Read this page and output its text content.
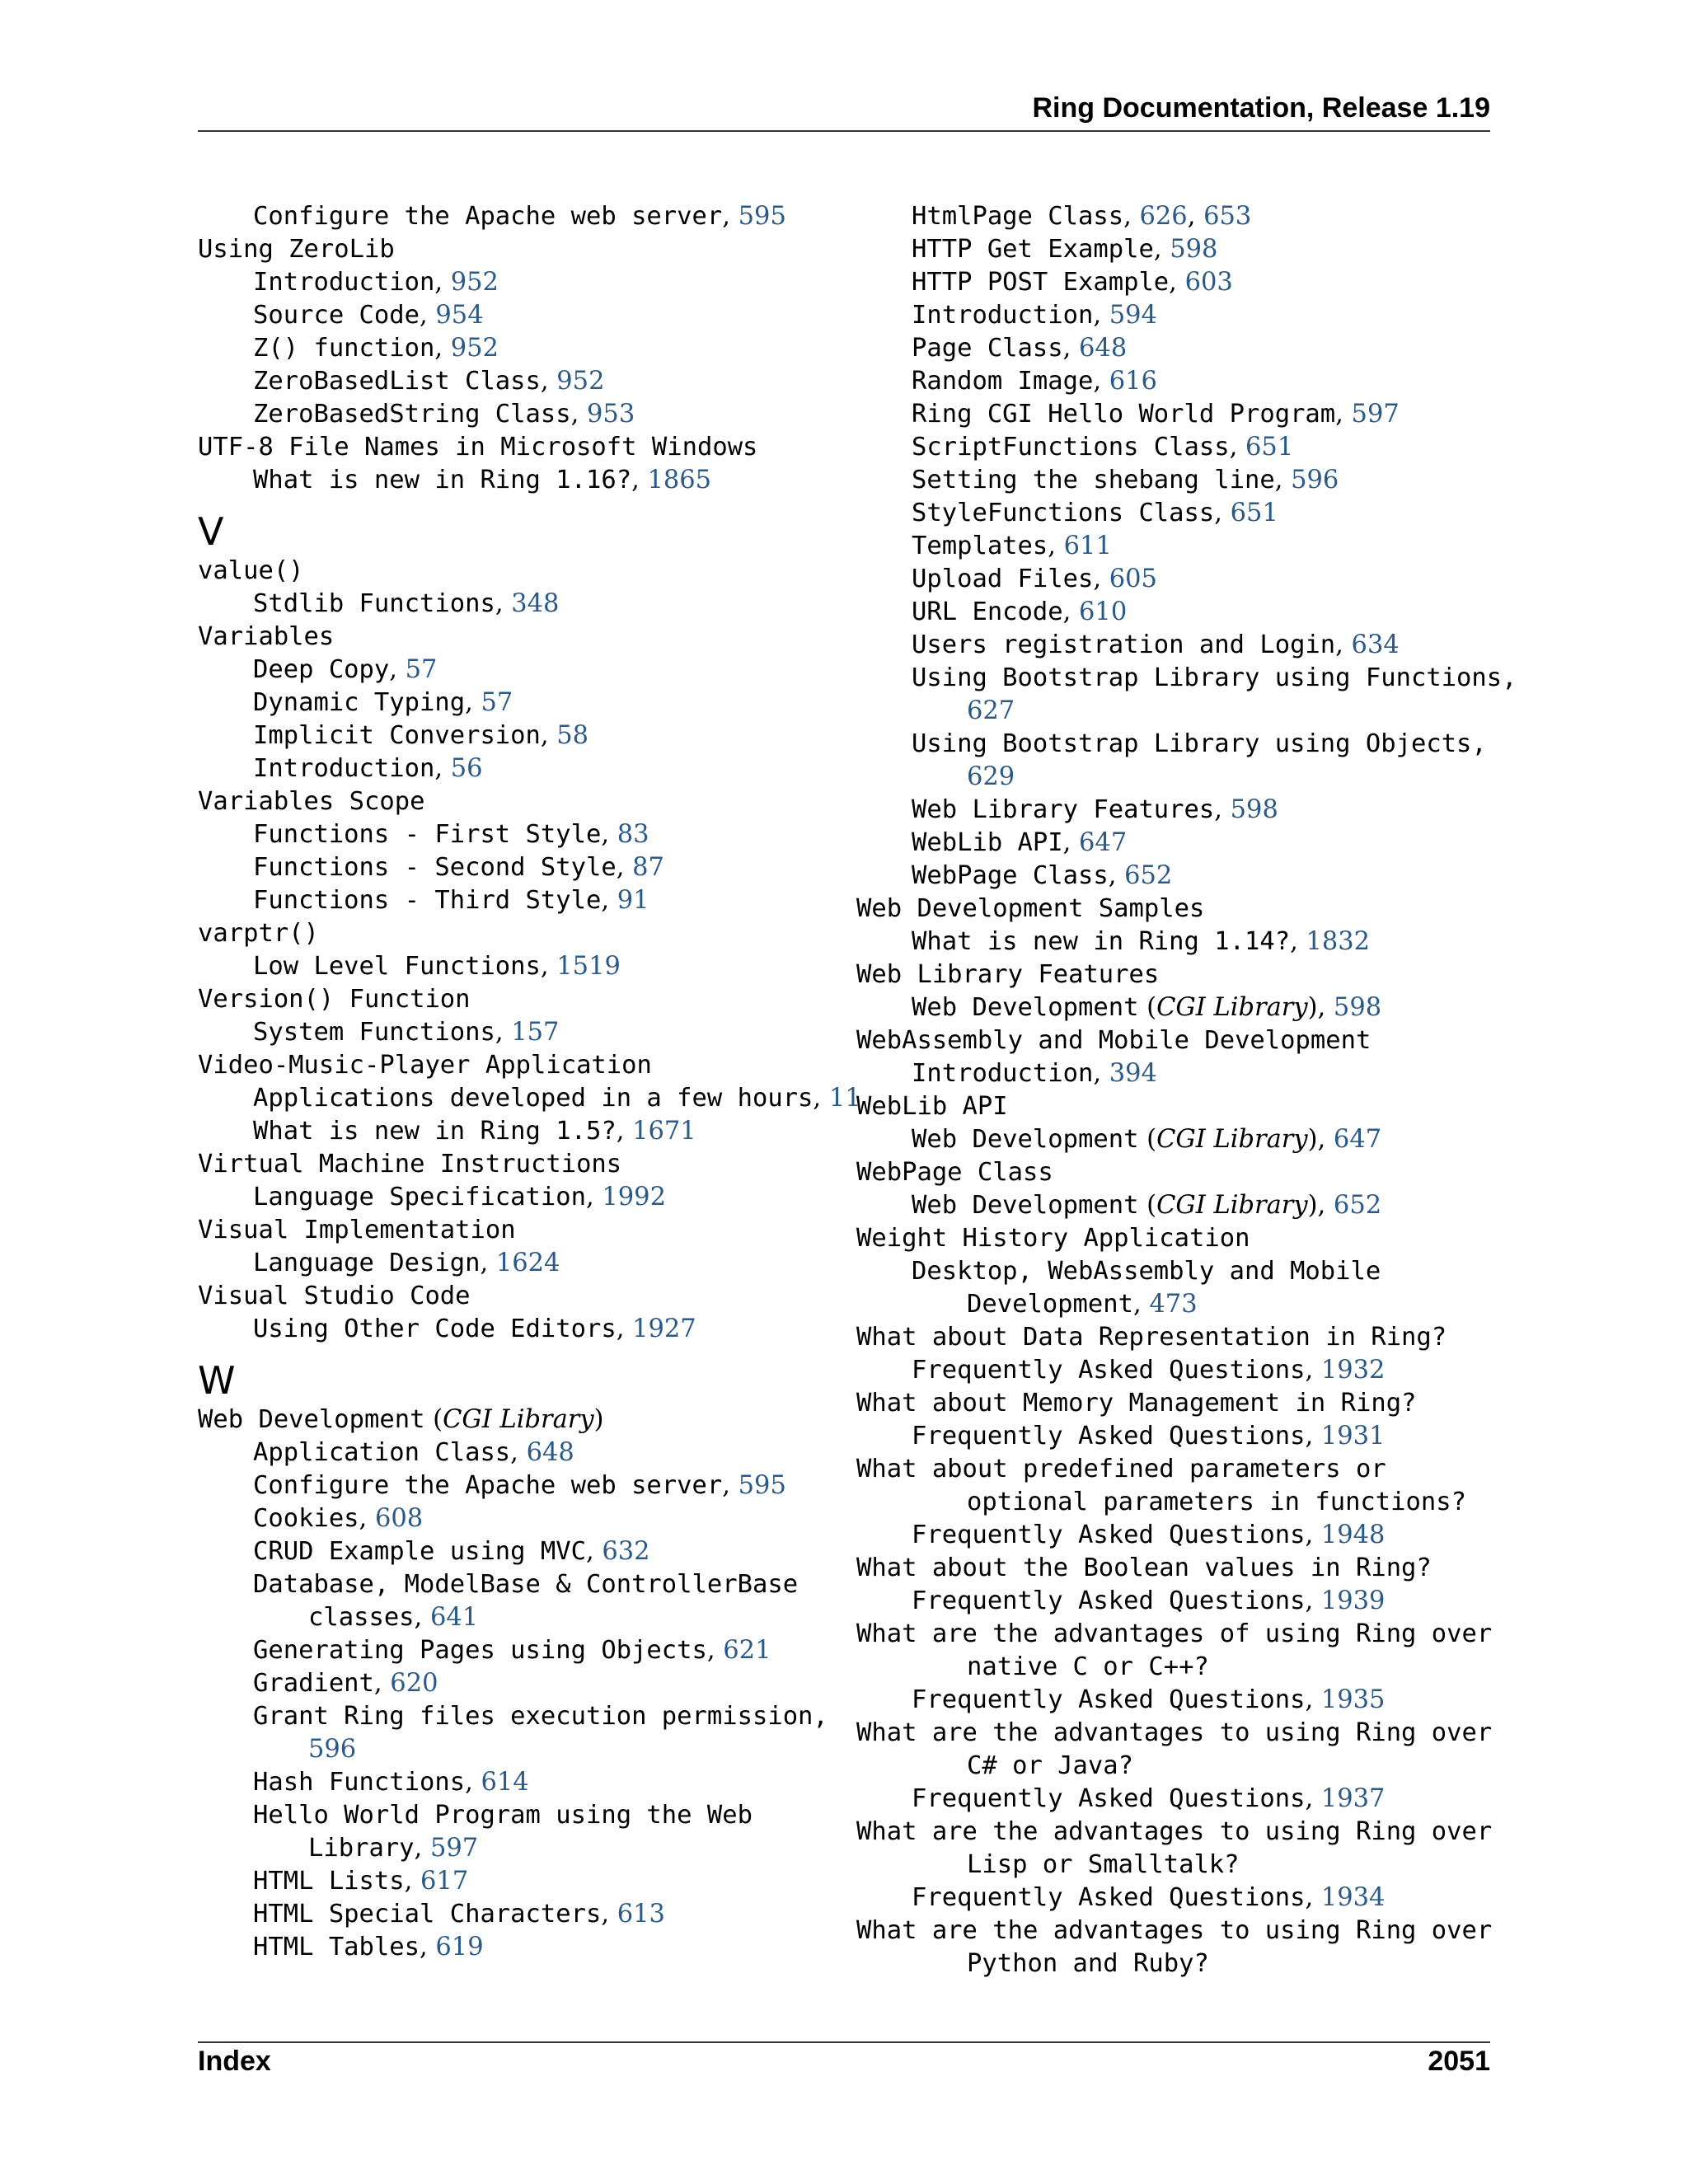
Ring Documentation, Release 1.19
Configure the Apache web server, 595
Using ZeroLib
Introduction, 952
Source Code, 954
Z() function, 952
ZeroBasedList Class, 952
ZeroBasedString Class, 953
UTF-8 File Names in Microsoft Windows
What is new in Ring 1.16?, 1865
V
value()
Stdlib Functions, 348
Variables
Deep Copy, 57
Dynamic Typing, 57
Implicit Conversion, 58
Introduction, 56
Variables Scope
Functions - First Style, 83
Functions - Second Style, 87
Functions - Third Style, 91
varptr()
Low Level Functions, 1519
Version() Function
System Functions, 157
Video-Music-Player Application
Applications developed in a few hours, 11
What is new in Ring 1.5?, 1671
Virtual Machine Instructions
Language Specification, 1992
Visual Implementation
Language Design, 1624
Visual Studio Code
Using Other Code Editors, 1927
W
Web Development (CGI Library)
Application Class, 648
Configure the Apache web server, 595
Cookies, 608
CRUD Example using MVC, 632
Database, ModelBase & ControllerBase
classes, 641
Generating Pages using Objects, 621
Gradient, 620
Grant Ring files execution permission,
596
Hash Functions, 614
Hello World Program using the Web
Library, 597
HTML Lists, 617
HTML Special Characters, 613
HTML Tables, 619
HtmlPage Class, 626, 653
HTTP Get Example, 598
HTTP POST Example, 603
Introduction, 594
Page Class, 648
Random Image, 616
Ring CGI Hello World Program, 597
ScriptFunctions Class, 651
Setting the shebang line, 596
StyleFunctions Class, 651
Templates, 611
Upload Files, 605
URL Encode, 610
Users registration and Login, 634
Using Bootstrap Library using Functions,
627
Using Bootstrap Library using Objects,
629
Web Library Features, 598
WebLib API, 647
WebPage Class, 652
Web Development Samples
What is new in Ring 1.14?, 1832
Web Library Features
Web Development (CGI Library), 598
WebAssembly and Mobile Development
Introduction, 394
WebLib API
Web Development (CGI Library), 647
WebPage Class
Web Development (CGI Library), 652
Weight History Application
Desktop, WebAssembly and Mobile
Development, 473
What about Data Representation in Ring?
Frequently Asked Questions, 1932
What about Memory Management in Ring?
Frequently Asked Questions, 1931
What about predefined parameters or
optional parameters in functions?
Frequently Asked Questions, 1948
What about the Boolean values in Ring?
Frequently Asked Questions, 1939
What are the advantages of using Ring over
native C or C++?
Frequently Asked Questions, 1935
What are the advantages to using Ring over
C# or Java?
Frequently Asked Questions, 1937
What are the advantages to using Ring over
Lisp or Smalltalk?
Frequently Asked Questions, 1934
What are the advantages to using Ring over
Python and Ruby?
Index	2051
